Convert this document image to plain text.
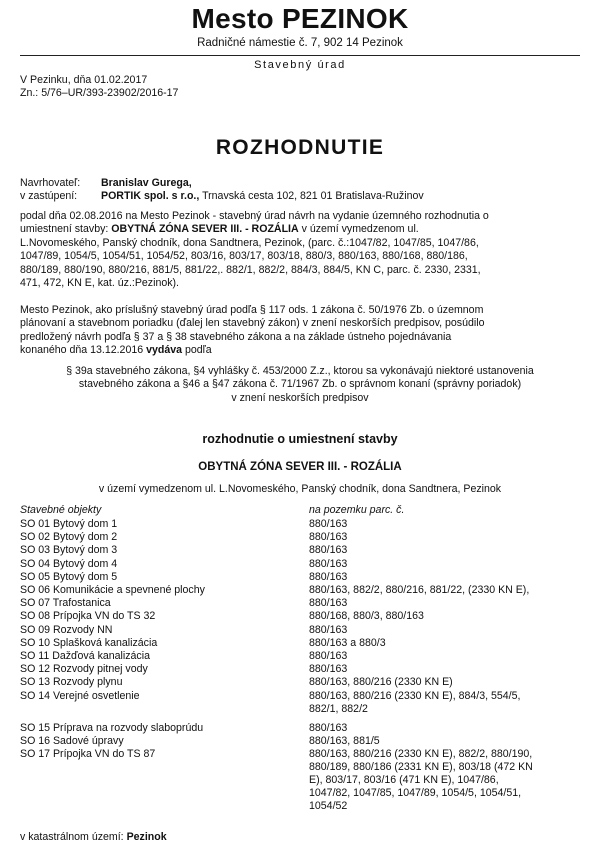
Mesto PEZINOK
Radničné námestie č. 7, 902 14 Pezinok
Stavebný úrad
V Pezinku, dňa 01.02.2017
Zn.: 5/76–UR/393-23902/2016-17
ROZHODNUTIE
Navrhovateľ: Branislav Gurega,
v zastúpení: PORTIK spol. s r.o., Trnavská cesta 102, 821 01 Bratislava-Ružinov
podal dňa 02.08.2016 na Mesto Pezinok - stavebný úrad návrh na vydanie územného rozhodnutia o
umiestnení stavby: OBYTNÁ ZÓNA SEVER III. - ROZÁLIA v území vymedzenom ul.
L.Novomeského, Panský chodník, dona Sandtnera, Pezinok, (parc. č.:1047/82, 1047/85, 1047/86,
1047/89, 1054/5, 1054/51, 1054/52, 803/16, 803/17, 803/18, 880/3, 880/163, 880/168, 880/186,
880/189, 880/190, 880/216, 881/5, 881/22,. 882/1, 882/2, 884/3, 884/5, KN C, parc. č. 2330, 2331,
471, 472, KN E, kat. úz.:Pezinok).
Mesto Pezinok, ako príslušný stavebný úrad podľa § 117 ods. 1 zákona č. 50/1976 Zb. o územnom
plánovaní a stavebnom poriadku (ďalej len stavebný zákon) v znení neskorších predpisov, posúdilo
predložený návrh podľa § 37 a § 38 stavebného zákona a na základe ústneho pojednávania
konaného dňa 13.12.2016 vydáva podľa
§ 39a stavebného zákona, §4 vyhlášky č. 453/2000 Z.z., ktorou sa vykonávajú niektoré ustanovenia
stavebného zákona a §46 a §47 zákona č. 71/1967 Zb. o správnom konaní (správny poriadok)
v znení neskorších predpisov
rozhodnutie o umiestnení stavby
OBYTNÁ ZÓNA SEVER III. - ROZÁLIA
v území vymedzenom ul. L.Novomeského, Panský chodník, dona Sandtnera, Pezinok
Stavebné objekty	na pozemku parc. č.
SO 01 Bytový dom 1	880/163
SO 02 Bytový dom 2	880/163
SO 03 Bytový dom 3	880/163
SO 04 Bytový dom 4	880/163
SO 05 Bytový dom 5	880/163
SO 06 Komunikácie a spevnené plochy	880/163, 882/2, 880/216, 881/22, (2330 KN E),
SO 07 Trafostanica	880/163
SO 08 Prípojka VN do TS 32	880/168, 880/3, 880/163
SO 09 Rozvody NN	880/163
SO 10 Splašková kanalizácia	880/163 a 880/3
SO 11 Dažďová kanalizácia	880/163
SO 12 Rozvody pitnej vody	880/163
SO 13 Rozvody plynu	880/163, 880/216 (2330 KN E)
SO 14 Verejné osvetlenie	880/163, 880/216 (2330 KN E), 884/3, 554/5,
882/1, 882/2
SO 15 Príprava na rozvody slaboprúdu	880/163
SO 16 Sadové úpravy	880/163, 881/5
SO 17 Prípojka VN do TS 87	880/163, 880/216 (2330 KN E), 882/2, 880/190,
880/189, 880/186 (2331 KN E), 803/18 (472 KN
E), 803/17, 803/16 (471 KN E), 1047/86,
1047/82, 1047/85, 1047/89, 1054/5, 1054/51,
1054/52
v katastrálnom území: Pezinok
